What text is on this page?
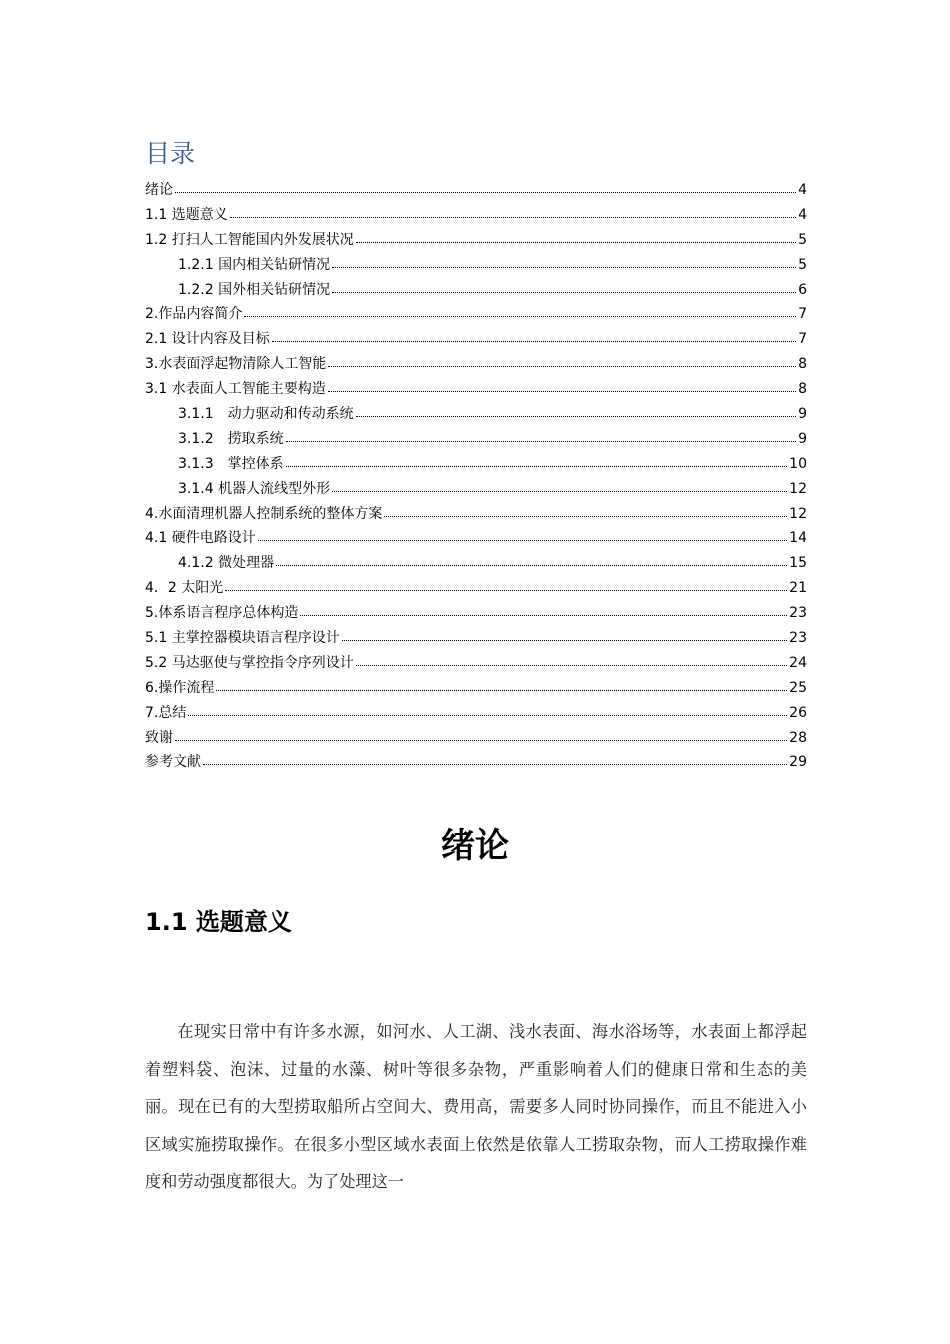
目录
绪论	4
1.1 选题意义	4
1.2 打扫人工智能国内外发展状况	5
1.2.1 国内相关钻研情况	5
1.2.2 国外相关钻研情况	6
2.作品内容简介	7
2.1 设计内容及目标	7
3.水表面浮起物清除人工智能	8
3.1 水表面人工智能主要构造	8
3.1.1　动力驱动和传动系统	9
3.1.2　捞取系统	9
3.1.3　掌控体系	10
3.1.4 机器人流线型外形	12
4.水面清理机器人控制系统的整体方案	12
4.1 硬件电路设计	14
4.1.2 微处理器	15
4．2 太阳光	21
5.体系语言程序总体构造	23
5.1 主掌控器模块语言程序设计	23
5.2 马达驱使与掌控指令序列设计	24
6.操作流程	25
7.总结	26
致谢	28
参考文献	29
绪论
1.1 选题意义

在现实日常中有许多水源，如河水、人工湖、浅水表面、海水浴场等，水表面上都浮起着塑料袋、泡沫、过量的水藻、树叶等很多杂物，严重影响着人们的健康日常和生态的美丽。现在已有的大型捞取船所占空间大、费用高，需要多人同时协同操作，而且不能进入小区域实施捞取操作。在很多小型区域水表面上依然是依靠人工捞取杂物，而人工捞取操作难度和劳动强度都很大。为了处理这一
